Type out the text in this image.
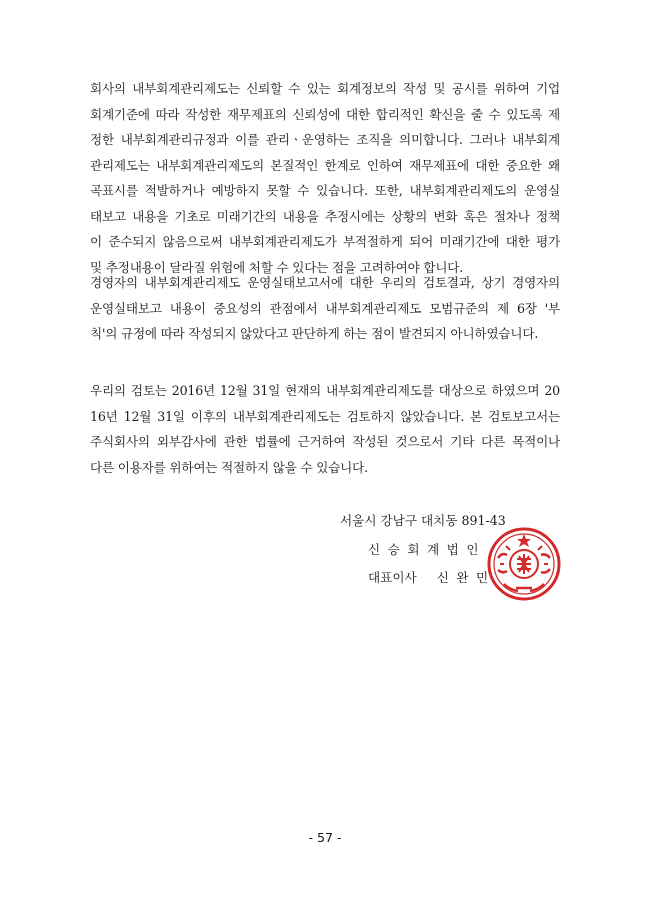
회사의 내부회계관리제도는 신뢰할 수 있는 회계정보의 작성 및 공시를 위하여 기업
회계기준에 따라 작성한 재무제표의 신뢰성에 대한 합리적인 확신을 줄 수 있도록 제
정한 내부회계관리규정과 이를 관리ㆍ운영하는 조직을 의미합니다. 그러나 내부회계
관리제도는 내부회계관리제도의 본질적인 한계로 인하여 재무제표에 대한 중요한 왜
곡표시를 적발하거나 예방하지 못할 수 있습니다. 또한, 내부회계관리제도의 운영실
태보고 내용을 기초로 미래기간의 내용을 추정시에는 상황의 변화 혹은 절차나 정책
이 준수되지 않음으로써 내부회계관리제도가 부적절하게 되어 미래기간에 대한 평가
및 추정내용이 달라질 위험에 처할 수 있다는 점을 고려하여야 합니다.

경영자의 내부회계관리제도 운영실태보고서에 대한 우리의 검토결과, 상기 경영자의
운영실태보고 내용이 중요성의 관점에서 내부회계관리제도 모범규준의 제 6장 '부
칙'의 규정에 따라 작성되지 않았다고 판단하게 하는 점이 발견되지 아니하였습니다.

우리의 검토는 2016년 12월 31일 현재의 내부회계관리제도를 대상으로 하였으며 20
16년 12월 31일 이후의 내부회계관리제도는 검토하지 않았습니다. 본 검토보고서는
주식회사의 외부감사에 관한 법률에 근거하여 작성된 것으로서 기타 다른 목적이나
다른 이용자를 위하여는 적절하지 않을 수 있습니다.

서울시 강남구 대치동 891-43
신승회계법인
대표이사 신완민
- 57 -
